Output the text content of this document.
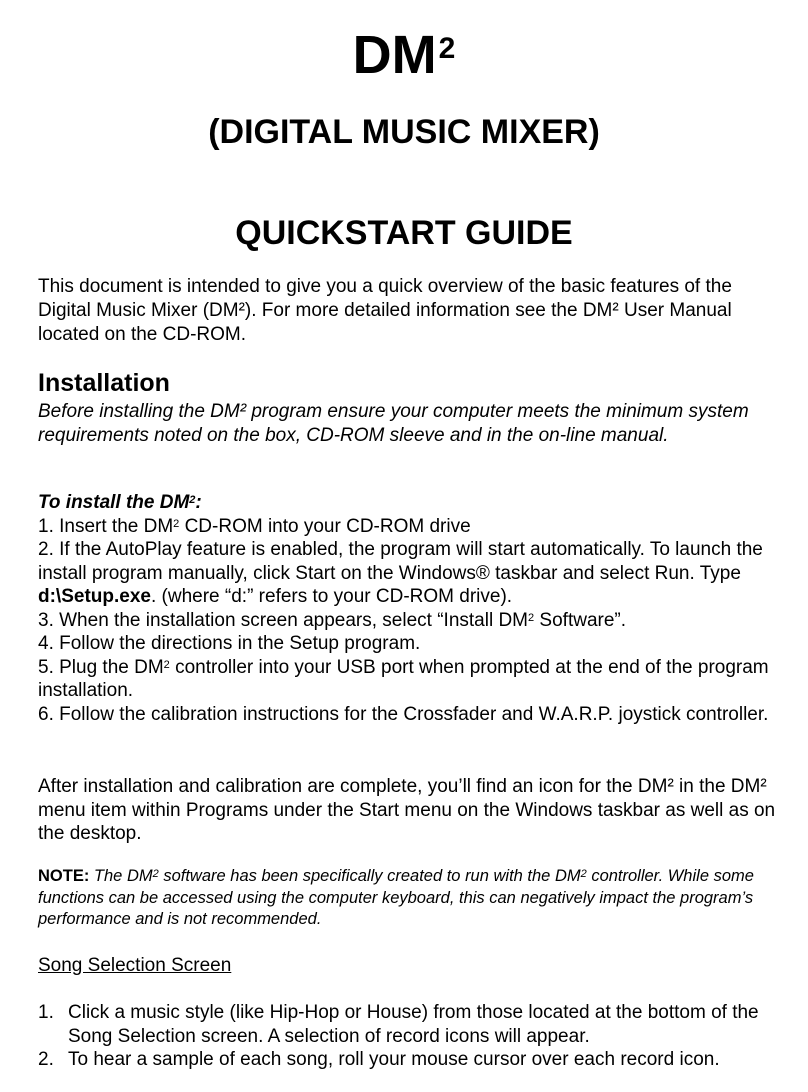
$DM^2$
(DIGITAL MUSIC MIXER)
QUICKSTART GUIDE
This document is intended to give you a quick overview of the basic features of the Digital Music Mixer (DM²). For more detailed information see the DM² User Manual located on the CD-ROM.
Installation
Before installing the DM² program ensure your computer meets the minimum system requirements noted on the box, CD-ROM sleeve and in the on-line manual.
To install the $DM^2$:
1. Insert the $DM^2$ CD-ROM into your CD-ROM drive
2. If the AutoPlay feature is enabled, the program will start automatically. To launch the install program manually, click Start on the Windows® taskbar and select Run. Type d:\Setup.exe. (where “d:” refers to your CD-ROM drive).
3. When the installation screen appears, select “Install $DM^2$ Software”.
4. Follow the directions in the Setup program.
5. Plug the $DM^2$ controller into your USB port when prompted at the end of the program installation.
6. Follow the calibration instructions for the Crossfader and W.A.R.P. joystick controller.
After installation and calibration are complete, you’ll find an icon for the DM² in the DM² menu item within Programs under the Start menu on the Windows taskbar as well as on the desktop.
NOTE: The $DM^2$ software has been specifically created to run with the $DM^2$ controller. While some functions can be accessed using the computer keyboard, this can negatively impact the program’s performance and is not recommended.
Song Selection Screen
1. Click a music style (like Hip-Hop or House) from those located at the bottom of the Song Selection screen. A selection of record icons will appear.
2. To hear a sample of each song, roll your mouse cursor over each record icon.
